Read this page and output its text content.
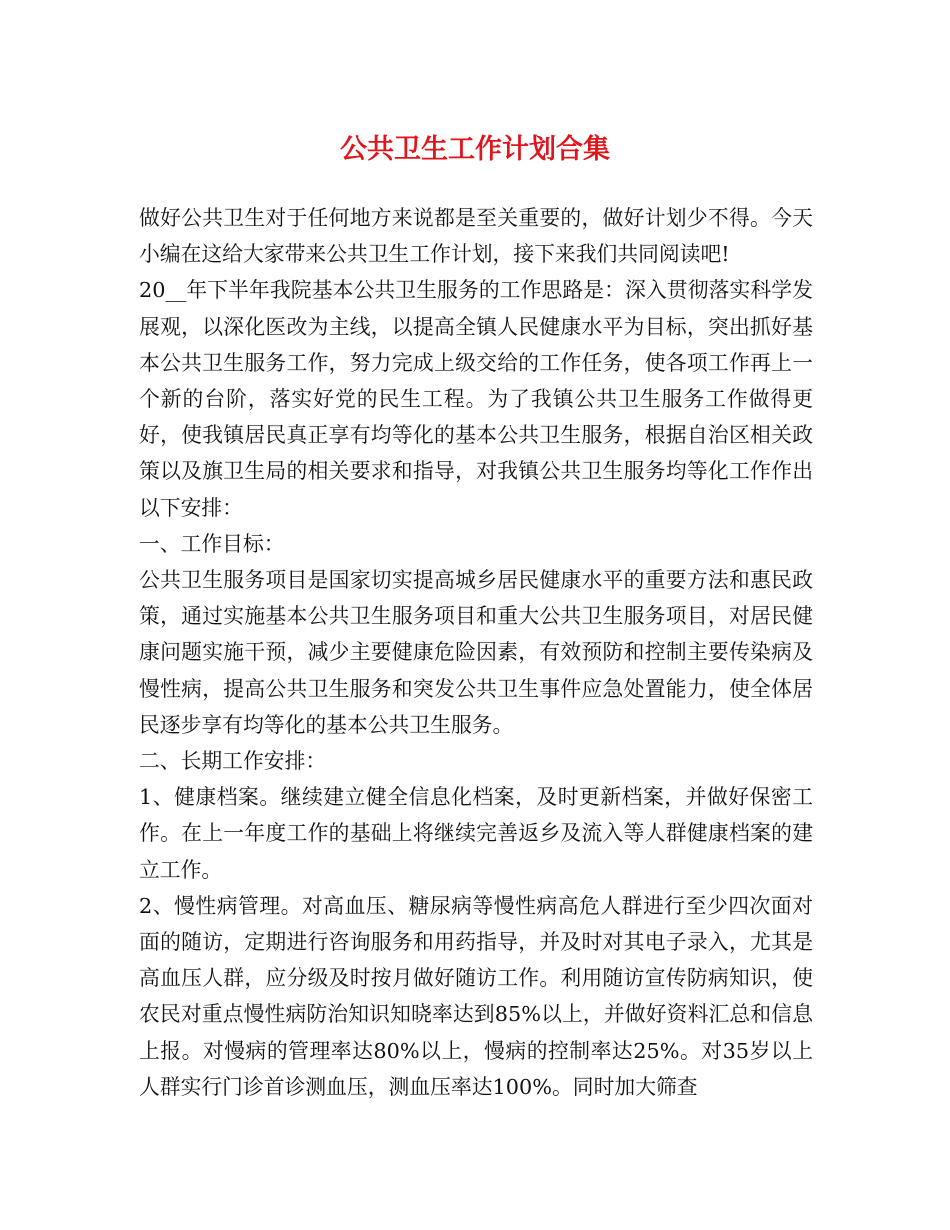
公共卫生工作计划合集

做好公共卫生对于任何地方来说都是至关重要的，做好计划少不得。今天小编在这给大家带来公共卫生工作计划，接下来我们共同阅读吧!

20__年下半年我院基本公共卫生服务的工作思路是：深入贯彻落实科学发展观，以深化医改为主线，以提高全镇人民健康水平为目标，突出抓好基本公共卫生服务工作，努力完成上级交给的工作任务，使各项工作再上一个新的台阶，落实好党的民生工程。为了我镇公共卫生服务工作做得更好，使我镇居民真正享有均等化的基本公共卫生服务，根据自治区相关政策以及旗卫生局的相关要求和指导，对我镇公共卫生服务均等化工作作出以下安排：

一、工作目标：

公共卫生服务项目是国家切实提高城乡居民健康水平的重要方法和惠民政策，通过实施基本公共卫生服务项目和重大公共卫生服务项目，对居民健康问题实施干预，减少主要健康危险因素，有效预防和控制主要传染病及慢性病，提高公共卫生服务和突发公共卫生事件应急处置能力，使全体居民逐步享有均等化的基本公共卫生服务。

二、长期工作安排：

1、健康档案。继续建立健全信息化档案，及时更新档案，并做好保密工作。在上一年度工作的基础上将继续完善返乡及流入等人群健康档案的建立工作。

2、慢性病管理。对高血压、糖尿病等慢性病高危人群进行至少四次面对面的随访，定期进行咨询服务和用药指导，并及时对其电子录入，尤其是高血压人群，应分级及时按月做好随访工作。利用随访宣传防病知识，使农民对重点慢性病防治知识知晓率达到85%以上，并做好资料汇总和信息上报。对慢病的管理率达80%以上，慢病的控制率达25%。对35岁以上人群实行门诊首诊测血压，测血压率达100%。同时加大筛查
